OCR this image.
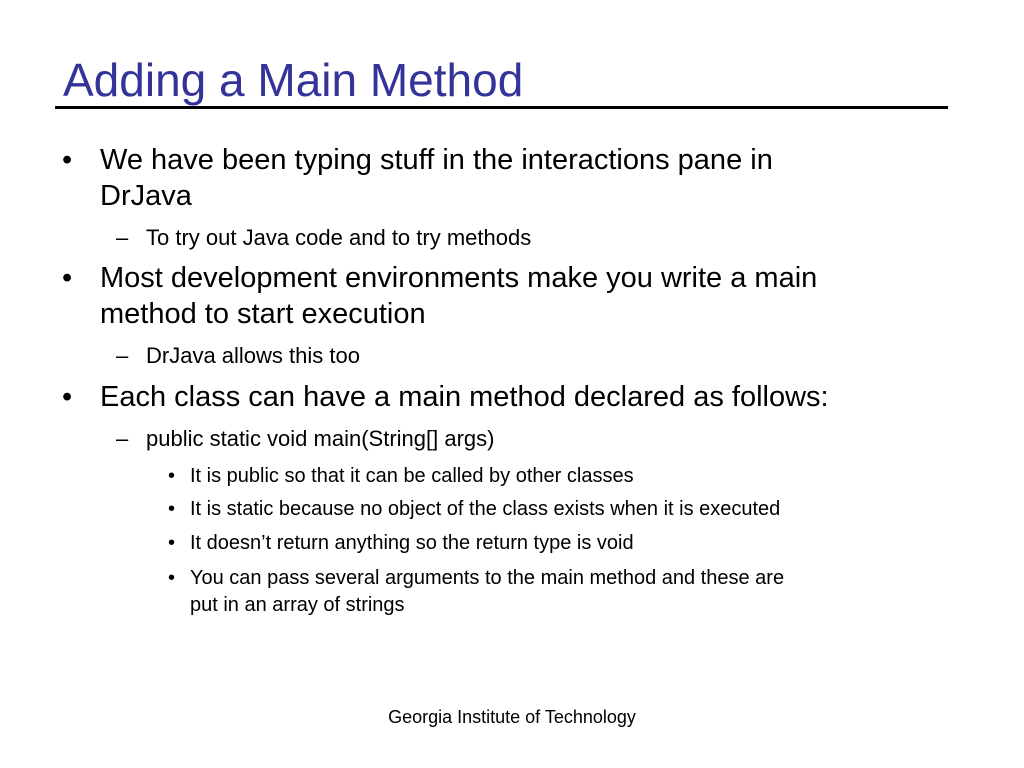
Adding a Main Method
• We have been typing stuff in the interactions pane in
DrJava
– To try out Java code and to try methods
• Most development environments make you write a main
method to start execution
– DrJava allows this too
• Each class can have a main method declared as follows:
– public static void main(String[] args)
• It is public so that it can be called by other classes
• It is static because no object of the class exists when it is executed
• It doesn’t return anything so the return type is void
• You can pass several arguments to the main method and these are
put in an array of strings
Georgia Institute of Technology
